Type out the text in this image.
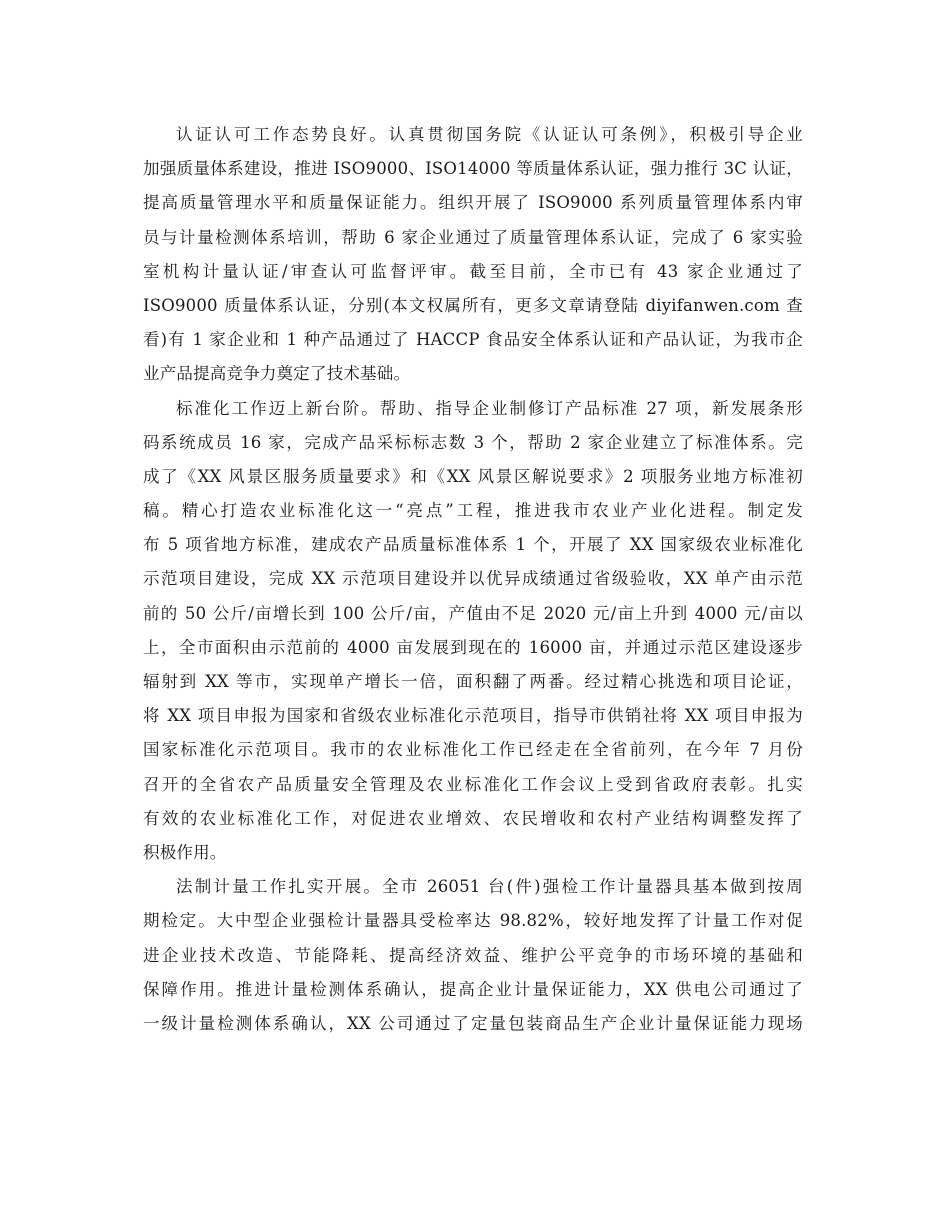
认证认可工作态势良好。认真贯彻国务院《认证认可条例》，积极引导企业
加强质量体系建设，推进 ISO9000、ISO14000 等质量体系认证，强力推行 3C 认证，
提高质量管理水平和质量保证能力。组织开展了 ISO9000 系列质量管理体系内审
员与计量检测体系培训，帮助 6 家企业通过了质量管理体系认证，完成了 6 家实验
室机构计量认证/审查认可监督评审。截至目前，全市已有 43 家企业通过了
ISO9000 质量体系认证，分别(本文权属所有，更多文章请登陆 diyifanwen.com 查
看)有 1 家企业和 1 种产品通过了 HACCP 食品安全体系认证和产品认证，为我市企
业产品提高竞争力奠定了技术基础。
标准化工作迈上新台阶。帮助、指导企业制修订产品标准 27 项，新发展条形
码系统成员 16 家，完成产品采标标志数 3 个，帮助 2 家企业建立了标准体系。完
成了《XX 风景区服务质量要求》和《XX 风景区解说要求》2 项服务业地方标准初
稿。精心打造农业标准化这一“亮点”工程，推进我市农业产业化进程。制定发
布 5 项省地方标准，建成农产品质量标准体系 1 个，开展了 XX 国家级农业标准化
示范项目建设，完成 XX 示范项目建设并以优异成绩通过省级验收，XX 单产由示范
前的 50 公斤/亩增长到 100 公斤/亩，产值由不足 2020 元/亩上升到 4000 元/亩以
上，全市面积由示范前的 4000 亩发展到现在的 16000 亩，并通过示范区建设逐步
辐射到 XX 等市，实现单产增长一倍，面积翻了两番。经过精心挑选和项目论证，
将 XX 项目申报为国家和省级农业标准化示范项目，指导市供销社将 XX 项目申报为
国家标准化示范项目。我市的农业标准化工作已经走在全省前列，在今年 7 月份
召开的全省农产品质量安全管理及农业标准化工作会议上受到省政府表彰。扎实
有效的农业标准化工作，对促进农业增效、农民增收和农村产业结构调整发挥了
积极作用。
法制计量工作扎实开展。全市 26051 台(件)强检工作计量器具基本做到按周
期检定。大中型企业强检计量器具受检率达 98.82%，较好地发挥了计量工作对促
进企业技术改造、节能降耗、提高经济效益、维护公平竞争的市场环境的基础和
保障作用。推进计量检测体系确认，提高企业计量保证能力，XX 供电公司通过了
一级计量检测体系确认，XX 公司通过了定量包装商品生产企业计量保证能力现场
